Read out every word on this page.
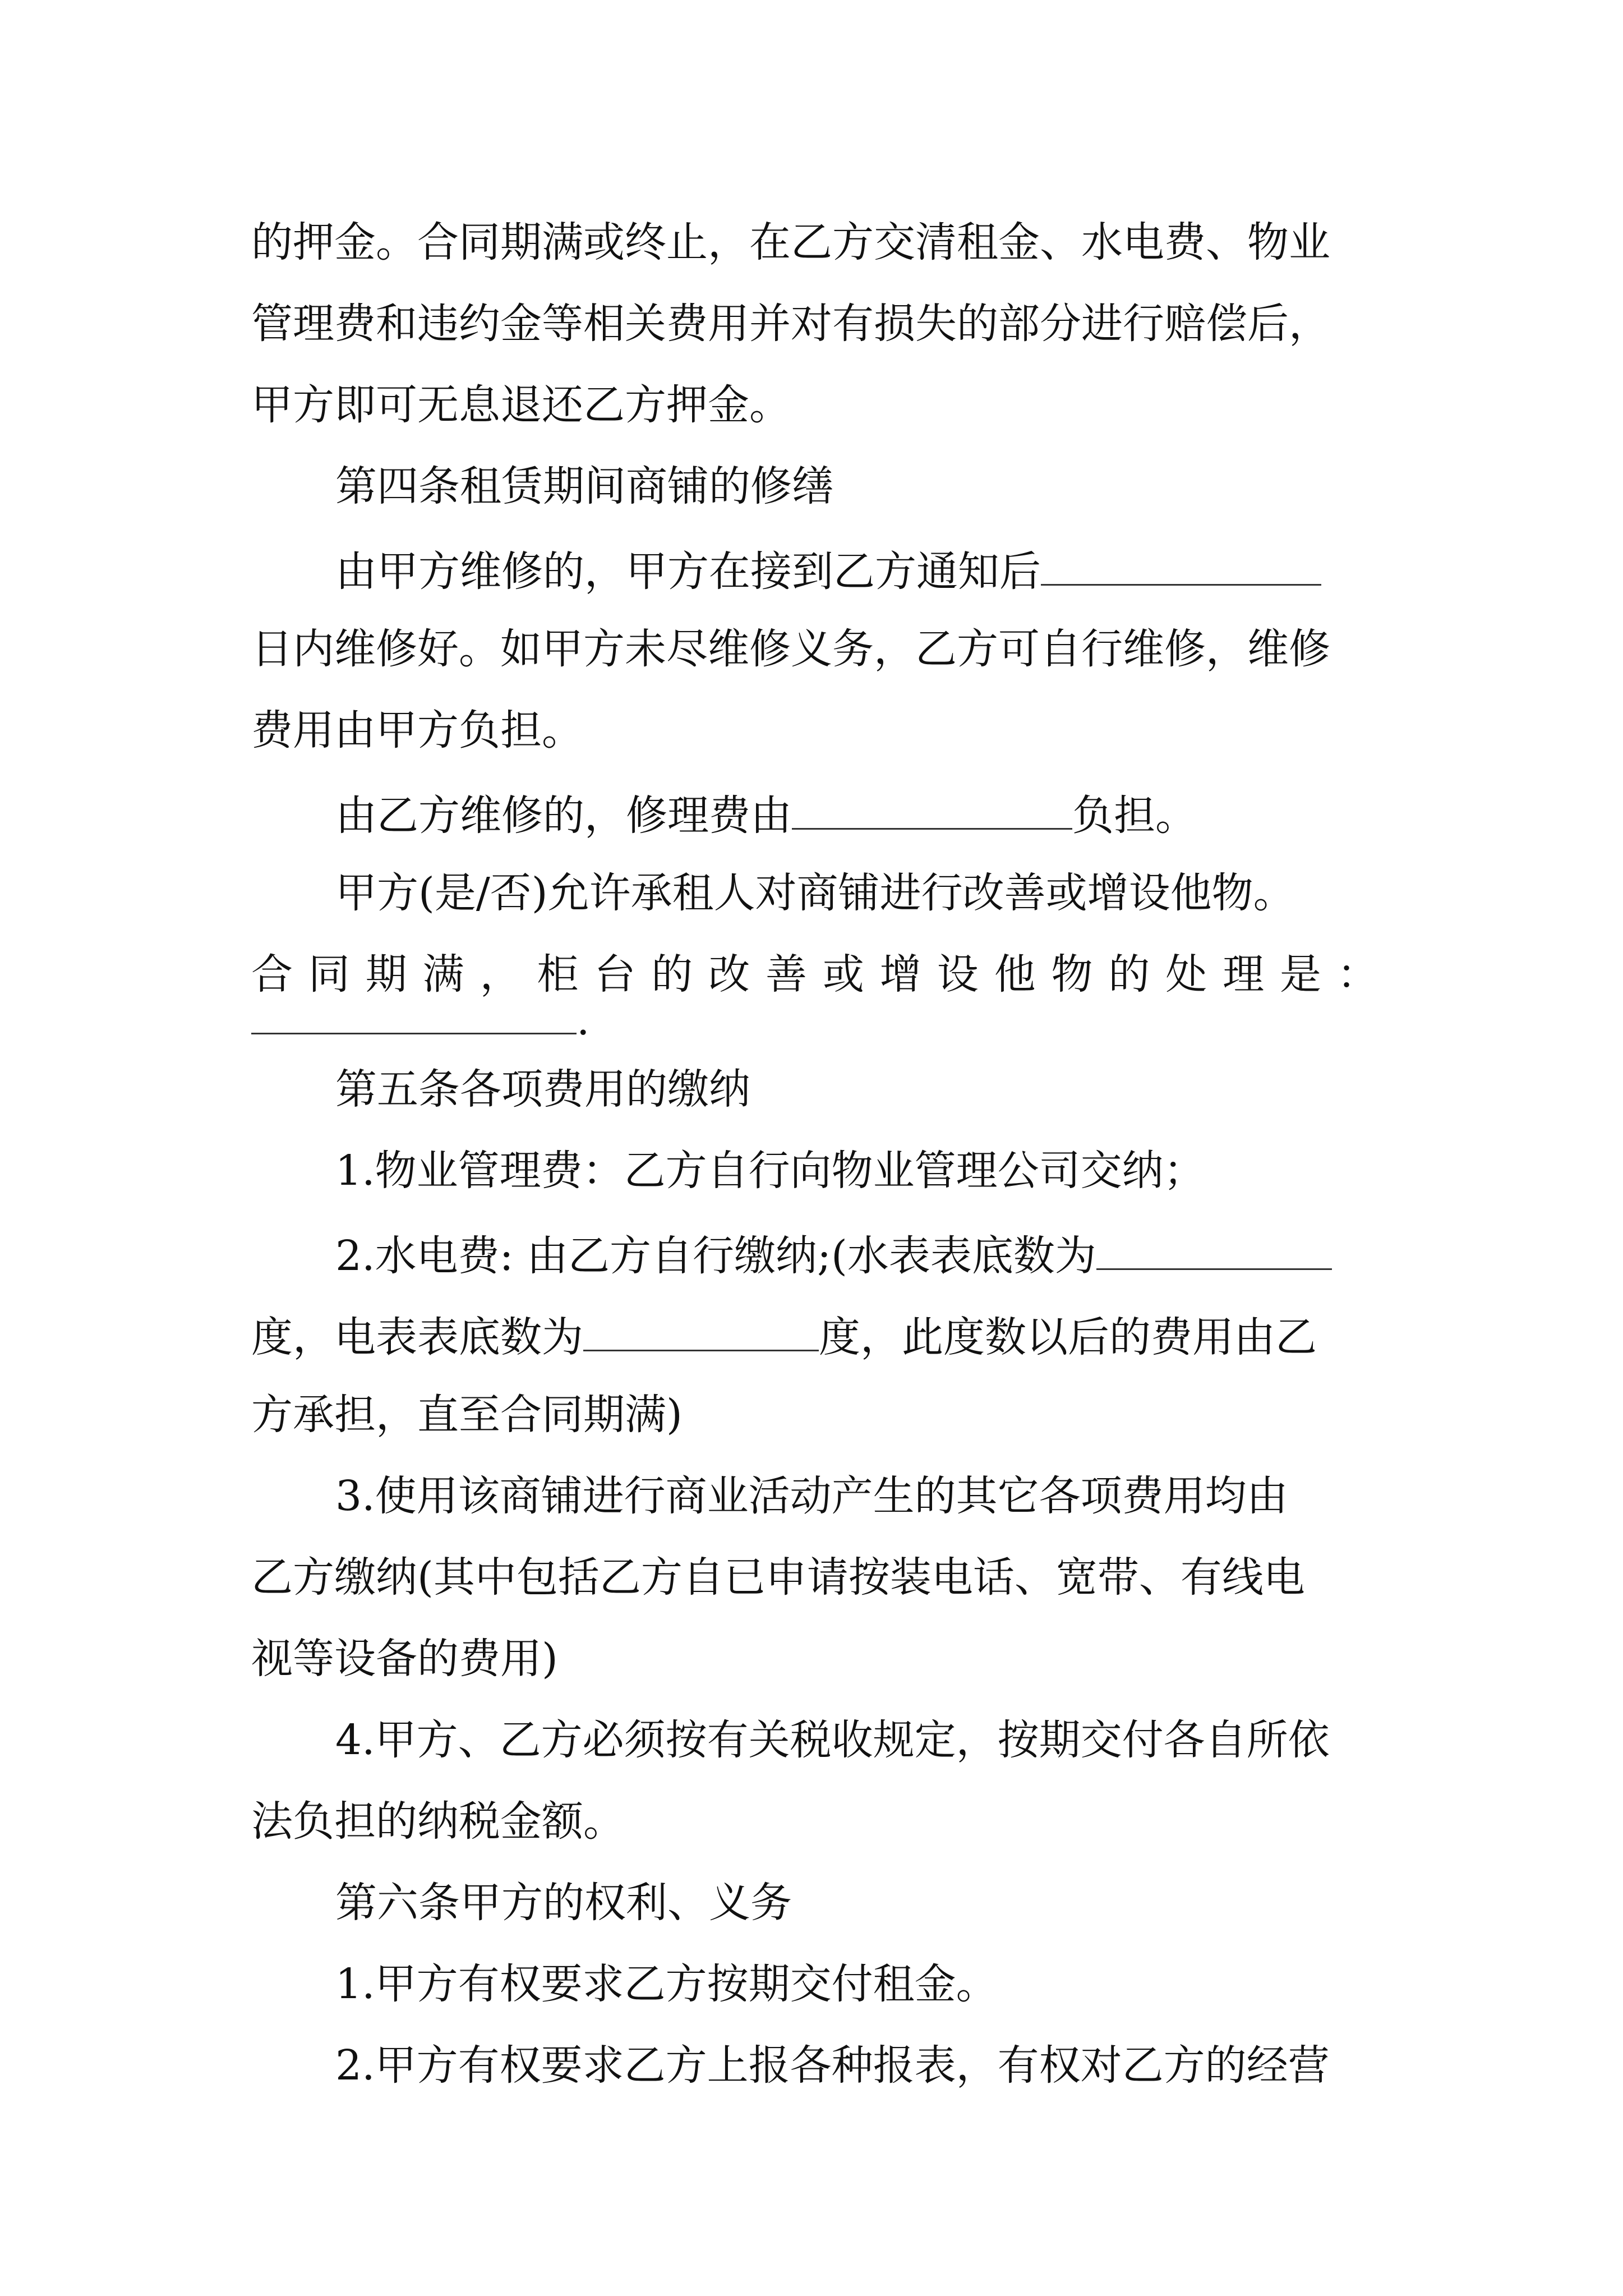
的押金。合同期满或终止，在乙方交清租金、水电费、物业
管理费和违约金等相关费用并对有损失的部分进行赔偿后，
甲方即可无息退还乙方押金。
第四条租赁期间商铺的修缮
由甲方维修的，甲方在接到乙方通知后
日内维修好。如甲方未尽维修义务，乙方可自行维修，维修
费用由甲方负担。
由乙方维修的，修理费由	负担。
甲方(是/否)允许承租人对商铺进行改善或增设他物。
合 同 期 满 ， 柜 台 的 改 善 或 增 设 他 物 的 处 理 是 ：
.
第五条各项费用的缴纳
1.物业管理费：乙方自行向物业管理公司交纳；
2.水电费: 由乙方自行缴纳;(水表表底数为
度，电表表底数为	度，此度数以后的费用由乙
方承担，直至合同期满)
3.使用该商铺进行商业活动产生的其它各项费用均由
乙方缴纳(其中包括乙方自已申请按装电话、宽带、有线电
视等设备的费用)
4.甲方、乙方必须按有关税收规定，按期交付各自所依
法负担的纳税金额。
第六条甲方的权利、义务
1.甲方有权要求乙方按期交付租金。
2.甲方有权要求乙方上报各种报表，有权对乙方的经营
